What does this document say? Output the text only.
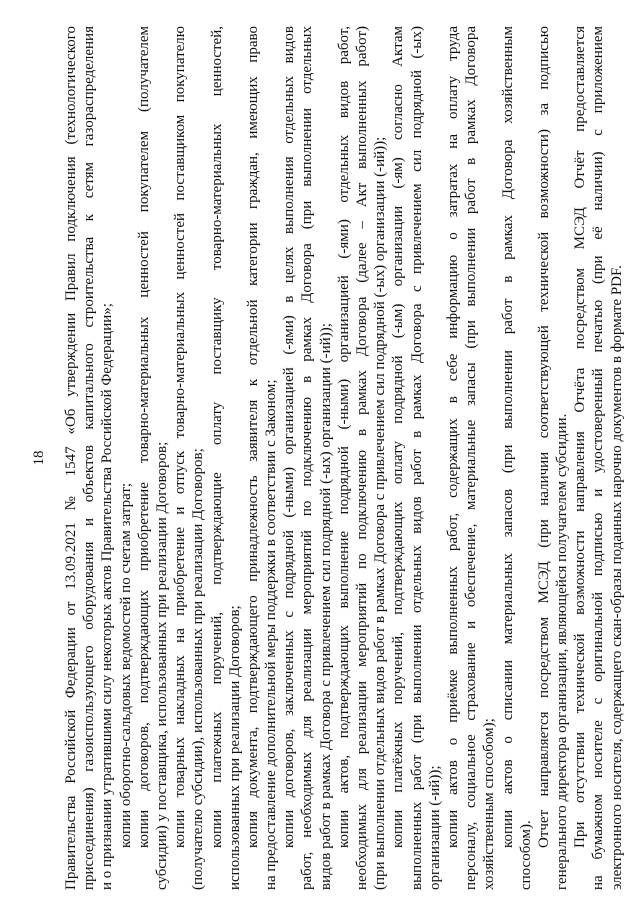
18	Правительства Российской Федерации от 13.09.2021 № 1547 «Об утверждении Правил подключения (технологического присоединения) газоиспользующего оборудования и объектов капитального строительства к сетям газораспределения и о признании утратившими силу некоторых актов Правительства Российской Федерации»; копии оборотно-сальдовых ведомостей по счетам затрат; копии договоров, подтверждающих приобретение товарно-материальных ценностей покупателем (получателем субсидии) у поставщика, использованных при реализации Договоров; копии товарных накладных на приобретение и отпуск товарно-материальных ценностей поставщиком покупателю (получателю субсидии), использованных при реализации Договоров; копии платежных поручений, подтверждающие оплату поставщику товарно-материальных ценностей, использованных при реализации Договоров; копия документа, подтверждающего принадлежность заявителя к отдельной категории граждан, имеющих право на предоставление дополнительной меры поддержки в соответствии с Законом; копии договоров, заключенных с подрядной (-ными) организацией (-ями) в целях выполнения отдельных видов работ, необходимых для реализации мероприятий по подключению в рамках Договора (при выполнении отдельных видов работ в рамках Договора с привлечением сил подрядной (-ых) организации (-ий)); копии актов, подтверждающих выполнение подрядной (-ными) организацией (-ями) отдельных видов работ, необходимых для реализации мероприятий по подключению в рамках Договора (далее – Акт выполненных работ) (при выполнении отдельных видов работ в рамках Договора с привлечением сил подрядной (-ых) организации (-ий)); копии платёжных поручений, подтверждающих оплату подрядной (-ым) организации (-ям) согласно Актам выполненных работ (при выполнении отдельных видов работ в рамках Договора с привлечением сил подрядной (-ых) организации (-ий)); копии актов о приёмке выполненных работ, содержащих в себе информацию о затратах на оплату труда персоналу, социальное страхование и обеспечение, материальные запасы (при выполнении работ в рамках Договора хозяйственным способом); копии актов о списании материальных запасов (при выполнении работ в рамках Договора хозяйственным
способом).
Отчет направляется посредством МСЭД (при наличии соответствующей технической возможности) за подписью генерального директора организации, являющейся получателем субсидии. При отсутствии технической возможности направления Отчёта посредством МСЭД Отчёт предоставляется на бумажном носителе с оригинальной подписью и удостоверенный печатью (при её наличии) с приложением электронного носителя, содержащего скан-образы поданных нарочно документов в формате PDF.
